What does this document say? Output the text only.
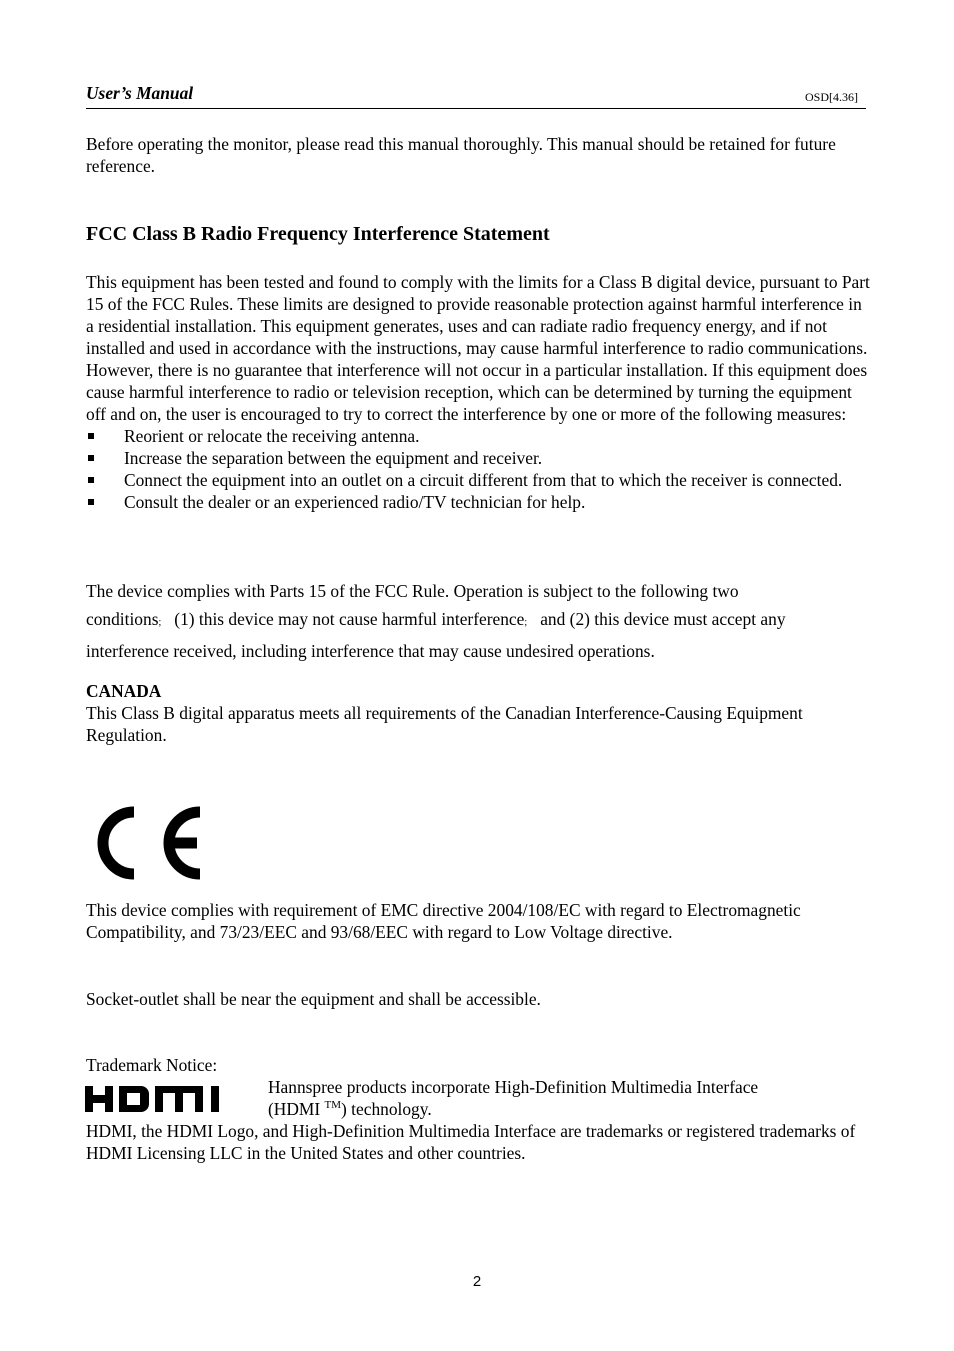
User’s Manual	OSD[4.36]
Before operating the monitor, please read this manual thoroughly. This manual should be retained for future reference.
FCC Class B Radio Frequency Interference Statement
This equipment has been tested and found to comply with the limits for a Class B digital device, pursuant to Part 15 of the FCC Rules. These limits are designed to provide reasonable protection against harmful interference in a residential installation. This equipment generates, uses and can radiate radio frequency energy, and if not installed and used in accordance with the instructions, may cause harmful interference to radio communications. However, there is no guarantee that interference will not occur in a particular installation. If this equipment does cause harmful interference to radio or television reception, which can be determined by turning the equipment off and on, the user is encouraged to try to correct the interference by one or more of the following measures:
Reorient or relocate the receiving antenna.
Increase the separation between the equipment and receiver.
Connect the equipment into an outlet on a circuit different from that to which the receiver is connected.
Consult the dealer or an experienced radio/TV technician for help.
The device complies with Parts 15 of the FCC Rule. Operation is subject to the following two
conditions; (1) this device may not cause harmful interference; and (2) this device must accept any
interference received, including interference that may cause undesired operations.
CANADA
This Class B digital apparatus meets all requirements of the Canadian Interference-Causing Equipment Regulation.
This device complies with requirement of EMC directive 2004/108/EC with regard to Electromagnetic Compatibility, and 73/23/EEC and 93/68/EEC with regard to Low Voltage directive.
Socket-outlet shall be near the equipment and shall be accessible.
Trademark Notice:
Hannspree products incorporate High-Definition Multimedia Interface
(HDMI ™) technology.
HDMI, the HDMI Logo, and High-Definition Multimedia Interface are trademarks or registered trademarks of HDMI Licensing LLC in the United States and other countries.
2
